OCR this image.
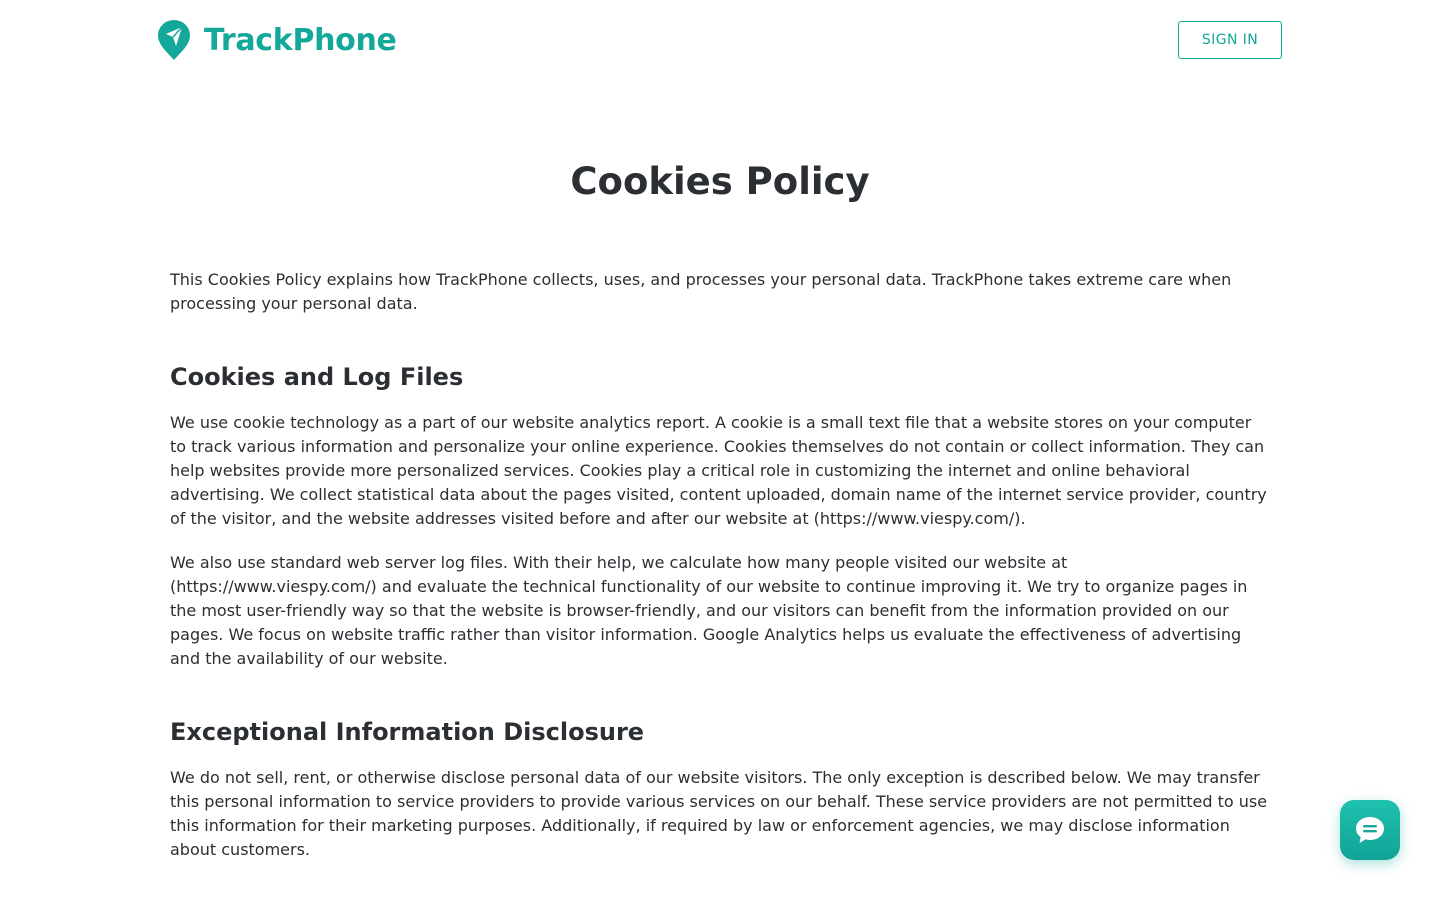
TrackPhone	SIGN IN
Cookies Policy

This Cookies Policy explains how TrackPhone collects, uses, and processes your personal data. TrackPhone takes extreme care when processing your personal data.

Cookies and Log Files

We use cookie technology as a part of our website analytics report. A cookie is a small text file that a website stores on your computer to track various information and personalize your online experience. Cookies themselves do not contain or collect information. They can help websites provide more personalized services. Cookies play a critical role in customizing the internet and online behavioral advertising. We collect statistical data about the pages visited, content uploaded, domain name of the internet service provider, country of the visitor, and the website addresses visited before and after our website at (https://www.viespy.com/).

We also use standard web server log files. With their help, we calculate how many people visited our website at (https://www.viespy.com/) and evaluate the technical functionality of our website to continue improving it. We try to organize pages in the most user-friendly way so that the website is browser-friendly, and our visitors can benefit from the information provided on our pages. We focus on website traffic rather than visitor information. Google Analytics helps us evaluate the effectiveness of advertising and the availability of our website.

Exceptional Information Disclosure

We do not sell, rent, or otherwise disclose personal data of our website visitors. The only exception is described below. We may transfer this personal information to service providers to provide various services on our behalf. These service providers are not permitted to use this information for their marketing purposes. Additionally, if required by law or enforcement agencies, we may disclose information about customers.
